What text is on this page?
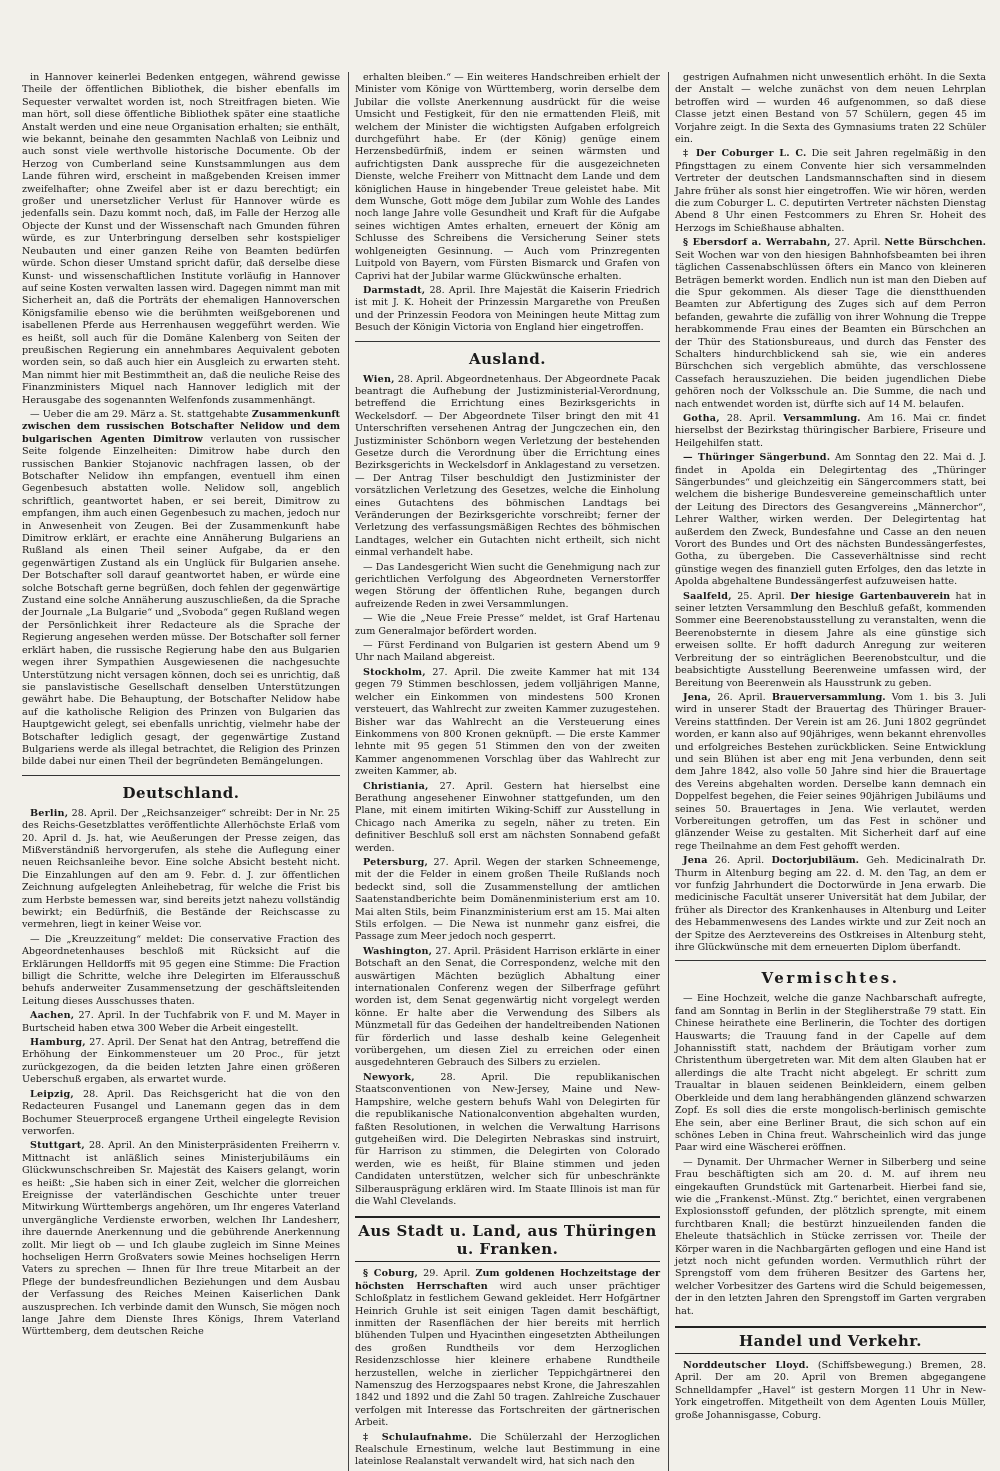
in Hannover keinerlei Bedenken entgegen, während gewisse Theile der öffentlichen Bibliothek, die bisher ebenfalls im Sequester verwaltet worden ist, noch Streitfragen bieten. Wie man hört, soll diese öffentliche Bibliothek später eine staatliche Anstalt werden und eine neue Organisation erhalten; sie enthält, wie bekannt, beinahe den gesammten Nachlaß von Leibniz und auch sonst viele werthvolle historische Documente. Ob der Herzog von Cumberland seine Kunstsammlungen aus dem Lande führen wird, erscheint in maßgebenden Kreisen immer zweifelhafter; ohne Zweifel aber ist er dazu berechtigt; ein großer und unersetzlicher Verlust für Hannover würde es jedenfalls sein. Dazu kommt noch, daß, im Falle der Herzog alle Objecte der Kunst und der Wissenschaft nach Gmunden führen würde, es zur Unterbringung derselben sehr kostspieliger Neubauten und einer ganzen Reihe von Beamten bedürfen würde. Schon dieser Umstand spricht dafür, daß derselbe diese Kunst- und wissenschaftlichen Institute vorläufig in Hannover auf seine Kosten verwalten lassen wird. Dagegen nimmt man mit Sicherheit an, daß die Porträts der ehemaligen Hannoverschen Königsfamilie ebenso wie die berühmten weißgeborenen und isabellenen Pferde aus Herrenhausen weggeführt werden. Wie es heißt, soll auch für die Domäne Kalenberg von Seiten der preußischen Regierung ein annehmbares Aequivalent geboten worden sein, so daß auch hier ein Ausgleich zu erwarten steht. Man nimmt hier mit Bestimmtheit an, daß die neuliche Reise des Finanzministers Miquel nach Hannover lediglich mit der Herausgabe des sogenannten Welfenfonds zusammenhängt.

— Ueber die am 29. März a. St. stattgehabte Zusammenkunft zwischen dem russischen Botschafter Nelidow und dem bulgarischen Agenten Dimitrow verlauten von russischer Seite folgende Einzelheiten: Dimitrow habe durch den russischen Bankier Stojanovic nachfragen lassen, ob der Botschafter Nelidow ihn empfangen, eventuell ihm einen Gegenbesuch abstatten wolle. Nelidow soll, angeblich schriftlich, geantwortet haben, er sei bereit, Dimitrow zu empfangen, ihm auch einen Gegenbesuch zu machen, jedoch nur in Anwesenheit von Zeugen. Bei der Zusammenkunft habe Dimitrow erklärt, er erachte eine Annäherung Bulgariens an Rußland als einen Theil seiner Aufgabe, da er den gegenwärtigen Zustand als ein Unglück für Bulgarien ansehe. Der Botschafter soll darauf geantwortet haben, er würde eine solche Botschaft gerne begrüßen, doch fehlen der gegenwärtige Zustand eine solche Annäherung auszuschließen, da die Sprache der Journale „La Bulgarie“ und „Svoboda“ gegen Rußland wegen der Persönlichkeit ihrer Redacteure als die Sprache der Regierung angesehen werden müsse. Der Botschafter soll ferner erklärt haben, die russische Regierung habe den aus Bulgarien wegen ihrer Sympathien Ausgewiesenen die nachgesuchte Unterstützung nicht versagen können, doch sei es unrichtig, daß sie panslavistische Gesellschaft denselben Unterstützungen gewährt habe. Die Behauptung, der Botschafter Nelidow habe auf die katholische Religion des Prinzen von Bulgarien das Hauptgewicht gelegt, sei ebenfalls unrichtig, vielmehr habe der Botschafter lediglich gesagt, der gegenwärtige Zustand Bulgariens werde als illegal betrachtet, die Religion des Prinzen bilde dabei nur einen Theil der begründeten Bemängelungen.

Deutschland.

Berlin, 28. April. Der „Reichsanzeiger“ schreibt: Der in Nr. 25 des Reichs-Gesetzblattes veröffentlichte Allerhöchste Erlaß vom 20. April d. Js. hat, wie Aeußerungen der Presse zeigen, das Mißverständniß hervorgerufen, als stehe die Auflegung einer neuen Reichsanleihe bevor. Eine solche Absicht besteht nicht. Die Einzahlungen auf den am 9. Febr. d. J. zur öffentlichen Zeichnung aufgelegten Anleihebetrag, für welche die Frist bis zum Herbste bemessen war, sind bereits jetzt nahezu vollständig bewirkt; ein Bedürfniß, die Bestände der Reichscasse zu vermehren, liegt in keiner Weise vor.

— Die „Kreuzzeitung“ meldet: Die conservative Fraction des Abgeordnetenhauses beschloß mit Rücksicht auf die Erklärungen Helldorffs mit 95 gegen eine Stimme: Die Fraction billigt die Schritte, welche ihre Delegirten im Elferausschuß behufs anderweiter Zusammensetzung der geschäftsleitenden Leitung dieses Ausschusses thaten.

Aachen, 27. April. In der Tuchfabrik von F. und M. Mayer in Burtscheid haben etwa 300 Weber die Arbeit eingestellt.

Hamburg, 27. April. Der Senat hat den Antrag, betreffend die Erhöhung der Einkommensteuer um 20 Proc., für jetzt zurückgezogen, da die beiden letzten Jahre einen größeren Ueberschuß ergaben, als erwartet wurde.

Leipzig, 28. April. Das Reichsgericht hat die von den Redacteuren Fusangel und Lanemann gegen das in dem Bochumer Steuerproceß ergangene Urtheil eingelegte Revision verworfen.

Stuttgart, 28. April. An den Ministerpräsidenten Freiherrn v. Mittnacht ist anläßlich seines Ministerjubiläums ein Glückwunschschreiben Sr. Majestät des Kaisers gelangt, worin es heißt: „Sie haben sich in einer Zeit, welcher die glorreichen Ereignisse der vaterländischen Geschichte unter treuer Mitwirkung Württembergs angehören, um Ihr engeres Vaterland unvergängliche Verdienste erworben, welchen Ihr Landesherr, ihre dauernde Anerkennung und die gebührende Anerkennung zollt. Mir liegt ob — und Ich glaube zugleich im Sinne Meines hochseligen Herrn Großvaters sowie Meines hochseligen Herrn Vaters zu sprechen — Ihnen für Ihre treue Mitarbeit an der Pflege der bundesfreundlichen Beziehungen und dem Ausbau der Verfassung des Reiches Meinen Kaiserlichen Dank auszusprechen. Ich verbinde damit den Wunsch, Sie mögen noch lange Jahre dem Dienste Ihres Königs, Ihrem Vaterland Württemberg, dem deutschen Reiche

erhalten bleiben.“ — Ein weiteres Handschreiben erhielt der Minister vom Könige von Württemberg, worin derselbe dem Jubilar die vollste Anerkennung ausdrückt für die weise Umsicht und Festigkeit, für den nie ermattenden Fleiß, mit welchem der Minister die wichtigsten Aufgaben erfolgreich durchgeführt habe. Er (der König) genüge einem Herzensbedürfniß, indem er seinen wärmsten und aufrichtigsten Dank ausspreche für die ausgezeichneten Dienste, welche Freiherr von Mittnacht dem Lande und dem königlichen Hause in hingebender Treue geleistet habe. Mit dem Wunsche, Gott möge dem Jubilar zum Wohle des Landes noch lange Jahre volle Gesundheit und Kraft für die Aufgabe seines wichtigen Amtes erhalten, erneuert der König am Schlusse des Schreibens die Versicherung Seiner stets wohlgeneigten Gesinnung. — Auch vom Prinzregenten Luitpold von Bayern, vom Fürsten Bismarck und Grafen von Caprivi hat der Jubilar warme Glückwünsche erhalten.

Darmstadt, 28. April. Ihre Majestät die Kaiserin Friedrich ist mit J. K. Hoheit der Prinzessin Margarethe von Preußen und der Prinzessin Feodora von Meiningen heute Mittag zum Besuch der Königin Victoria von England hier eingetroffen.

Ausland.

Wien, 28. April. Abgeordnetenhaus. Der Abgeordnete Pacak beantragt die Aufhebung der Justizministerial-Verordnung, betreffend die Errichtung eines Bezirksgerichts in Weckelsdorf. — Der Abgeordnete Tilser bringt den mit 41 Unterschriften versehenen Antrag der Jungczechen ein, den Justizminister Schönborn wegen Verletzung der bestehenden Gesetze durch die Verordnung über die Errichtung eines Bezirksgerichts in Weckelsdorf in Anklagestand zu versetzen. — Der Antrag Tilser beschuldigt den Justizminister der vorsätzlichen Verletzung des Gesetzes, welche die Einholung eines Gutachtens des böhmischen Landtags bei Veränderungen der Bezirksgerichte vorschreibt; ferner der Verletzung des verfassungsmäßigen Rechtes des böhmischen Landtages, welcher ein Gutachten nicht ertheilt, sich nicht einmal verhandelt habe.

— Das Landesgericht Wien sucht die Genehmigung nach zur gerichtlichen Verfolgung des Abgeordneten Vernerstorffer wegen Störung der öffentlichen Ruhe, begangen durch aufreizende Reden in zwei Versammlungen.

— Wie die „Neue Freie Presse“ meldet, ist Graf Hartenau zum Generalmajor befördert worden.

— Fürst Ferdinand von Bulgarien ist gestern Abend um 9 Uhr nach Mailand abgereist.

Stockholm, 27. April. Die zweite Kammer hat mit 134 gegen 79 Stimmen beschlossen, jedem volljährigen Manne, welcher ein Einkommen von mindestens 500 Kronen versteuert, das Wahlrecht zur zweiten Kammer zuzugestehen. Bisher war das Wahlrecht an die Versteuerung eines Einkommens von 800 Kronen geknüpft. — Die erste Kammer lehnte mit 95 gegen 51 Stimmen den von der zweiten Kammer angenommenen Vorschlag über das Wahlrecht zur zweiten Kammer, ab.

Christiania, 27. April. Gestern hat hierselbst eine Berathung angesehener Einwohner stattgefunden, um den Plane, mit einem imitirten Wiking-Schiff zur Ausstellung in Chicago nach Amerika zu segeln, näher zu treten. Ein definitiver Beschluß soll erst am nächsten Sonnabend gefaßt werden.

Petersburg, 27. April. Wegen der starken Schneemenge, mit der die Felder in einem großen Theile Rußlands noch bedeckt sind, soll die Zusammenstellung der amtlichen Saatenstandberichte beim Domänenministerium erst am 10. Mai alten Stils, beim Finanzministerium erst am 15. Mai alten Stils erfolgen. — Die Newa ist nunmehr ganz eisfrei, die Passage zum Meer jedoch noch gesperrt.

Washington, 27. April. Präsident Harrison erklärte in einer Botschaft an den Senat, die Correspondenz, welche mit den auswärtigen Mächten bezüglich Abhaltung einer internationalen Conferenz wegen der Silberfrage geführt worden ist, dem Senat gegenwärtig nicht vorgelegt werden könne. Er halte aber die Verwendung des Silbers als Münzmetall für das Gedeihen der handeltreibenden Nationen für förderlich und lasse deshalb keine Gelegenheit vorübergehen, um diesen Ziel zu erreichen oder einen ausgedehnteren Gebrauch des Silbers zu erzielen.

Newyork, 28. April. Die republikanischen Staatsconventionen von New-Jersey, Maine und New-Hampshire, welche gestern behufs Wahl von Delegirten für die republikanische Nationalconvention abgehalten wurden, faßten Resolutionen, in welchen die Verwaltung Harrisons gutgeheißen wird. Die Delegirten Nebraskas sind instruirt, für Harrison zu stimmen, die Delegirten von Colorado werden, wie es heißt, für Blaine stimmen und jeden Candidaten unterstützen, welcher sich für unbeschränkte Silberausprägung erklären wird. Im Staate Illinois ist man für die Wahl Clevelands.

Aus Stadt u. Land, aus Thüringen u. Franken.

§ Coburg, 29. April. Zum goldenen Hochzeitstage der höchsten Herrschaften wird auch unser prächtiger Schloßplatz in festlichem Gewand gekleidet. Herr Hofgärtner Heinrich Gruhle ist seit einigen Tagen damit beschäftigt, inmitten der Rasenflächen der hier bereits mit herrlich blühenden Tulpen und Hyacinthen eingesetzten Abtheilungen des großen Rundtheils vor dem Herzoglichen Residenzschlosse hier kleinere erhabene Rundtheile herzustellen, welche in zierlicher Teppichgärtnerei den Namenszug des Herzogspaares nebst Krone, die Jahreszahlen 1842 und 1892 und die Zahl 50 tragen. Zahlreiche Zuschauer verfolgen mit Interesse das Fortschreiten der gärtnerischen Arbeit.

‡ Schulaufnahme. Die Schülerzahl der Herzoglichen Realschule Ernestinum, welche laut Bestimmung in eine lateinlose Realanstalt verwandelt wird, hat sich nach den

gestrigen Aufnahmen nicht unwesentlich erhöht. In die Sexta der Anstalt — welche zunächst von dem neuen Lehrplan betroffen wird — wurden 46 aufgenommen, so daß diese Classe jetzt einen Bestand von 57 Schülern, gegen 45 im Vorjahre zeigt. In die Sexta des Gymnasiums traten 22 Schüler ein.

‡ Der Coburger L. C. Die seit Jahren regelmäßig in den Pfingsttagen zu einem Convente hier sich versammelnden Vertreter der deutschen Landsmannschaften sind in diesem Jahre früher als sonst hier eingetroffen. Wie wir hören, werden die zum Coburger L. C. deputirten Vertreter nächsten Dienstag Abend 8 Uhr einen Festcommers zu Ehren Sr. Hoheit des Herzogs im Schießhause abhalten.

§ Ebersdorf a. Werrabahn, 27. April. Nette Bürschchen. Seit Wochen war von den hiesigen Bahnhofsbeamten bei ihren täglichen Cassenabschlüssen öfters ein Manco von kleineren Beträgen bemerkt worden. Endlich nun ist man den Dieben auf die Spur gekommen. Als dieser Tage die dienstthuenden Beamten zur Abfertigung des Zuges sich auf dem Perron befanden, gewahrte die zufällig von ihrer Wohnung die Treppe herabkommende Frau eines der Beamten ein Bürschchen an der Thür des Stationsbureaus, und durch das Fenster des Schalters hindurchblickend sah sie, wie ein anderes Bürschchen sich vergeblich abmühte, das verschlossene Cassefach herauszuziehen. Die beiden jugendlichen Diebe gehören noch der Volksschule an. Die Summe, die nach und nach entwendet worden ist, dürfte sich auf 14 M. belaufen.

Gotha, 28. April. Versammlung. Am 16. Mai cr. findet hierselbst der Bezirkstag thüringischer Barbiere, Friseure und Heilgehilfen statt.

— Thüringer Sängerbund. Am Sonntag den 22. Mai d. J. findet in Apolda ein Delegirtentag des „Thüringer Sängerbundes“ und gleichzeitig ein Sängercommers statt, bei welchem die bisherige Bundesvereine gemeinschaftlich unter der Leitung des Directors des Gesangvereins „Männerchor“, Lehrer Walther, wirken werden. Der Delegirtentag hat außerdem den Zweck, Bundesfahne und Casse an den neuen Vorort des Bundes und Ort des nächsten Bundessängerfestes, Gotha, zu übergeben. Die Casseverhältnisse sind recht günstige wegen des finanziell guten Erfolges, den das letzte in Apolda abgehaltene Bundessängerfest aufzuweisen hatte.

Saalfeld, 25. April. Der hiesige Gartenbauverein hat in seiner letzten Versammlung den Beschluß gefaßt, kommenden Sommer eine Beerenobstausstellung zu veranstalten, wenn die Beerenobsternte in diesem Jahre als eine günstige sich erweisen sollte. Er hofft dadurch Anregung zur weiteren Verbreitung der so einträglichen Beerenobstcultur, und die beabsichtigte Ausstellung Beerenweine umfassen wird, der Bereitung von Beerenwein als Hausstrunk zu geben.

Jena, 26. April. Brauerversammlung. Vom 1. bis 3. Juli wird in unserer Stadt der Brauertag des Thüringer Brauer-Vereins stattfinden. Der Verein ist am 26. Juni 1802 gegründet worden, er kann also auf 90jähriges, wenn bekannt ehrenvolles und erfolgreiches Bestehen zurückblicken. Seine Entwicklung und sein Blühen ist aber eng mit Jena verbunden, denn seit dem Jahre 1842, also volle 50 Jahre sind hier die Brauertage des Vereins abgehalten worden. Derselbe kann demnach ein Doppelfest begehen, die Feier seines 90jährigen Jubiläums und seines 50. Brauertages in Jena. Wie verlautet, werden Vorbereitungen getroffen, um das Fest in schöner und glänzender Weise zu gestalten. Mit Sicherheit darf auf eine rege Theilnahme an dem Fest gehofft werden.

Jena 26. April. Doctorjubiläum. Geh. Medicinalrath Dr. Thurm in Altenburg beging am 22. d. M. den Tag, an dem er vor funfzig Jahrhundert die Doctorwürde in Jena erwarb. Die medicinische Facultät unserer Universität hat dem Jubilar, der früher als Director des Krankenhauses in Altenburg und Leiter des Hebammenwesens des Landes wirkte und zur Zeit noch an der Spitze des Aerztevereins des Ostkreises in Altenburg steht, ihre Glückwünsche mit dem erneuerten Diplom überfandt.

Vermischtes.

— Eine Hochzeit, welche die ganze Nachbarschaft aufregte, fand am Sonntag in Berlin in der Stegliherstraße 79 statt. Ein Chinese heirathete eine Berlinerin, die Tochter des dortigen Hauswarts; die Trauung fand in der Capelle auf dem Johannisstift statt, nachdem der Bräutigam vorher zum Christenthum übergetreten war. Mit dem alten Glauben hat er allerdings die alte Tracht nicht abgelegt. Er schritt zum Traualtar in blauen seidenen Beinkleidern, einem gelben Oberkleide und dem lang herabhängenden glänzend schwarzen Zopf. Es soll dies die erste mongolisch-berlinisch gemischte Ehe sein, aber eine Berliner Braut, die sich schon auf ein schönes Leben in China freut. Wahrscheinlich wird das junge Paar wird eine Wäscherei eröffnen.

— Dynamit. Der Uhrmacher Werner in Silberberg und seine Frau beschäftigten sich am 20. d. M. auf ihrem neu eingekauften Grundstück mit Gartenarbeit. Hierbei fand sie, wie die „Frankenst.-Münst. Ztg.“ berichtet, einen vergrabenen Explosionsstoff gefunden, der plötzlich sprengte, mit einem furchtbaren Knall; die bestürzt hinzueilenden fanden die Eheleute thatsächlich in Stücke zerrissen vor. Theile der Körper waren in die Nachbargärten geflogen und eine Hand ist jetzt noch nicht gefunden worden. Vermuthlich rührt der Sprengstoff vom dem früheren Besitzer des Gartens her, welcher Vorbesitzer des Gartens wird die Schuld beigemessen, der in den letzten Jahren den Sprengstoff im Garten vergraben hat.

Handel und Verkehr.

Norddeutscher Lloyd. (Schiffsbewegung.) Bremen, 28. April. Der am 20. April von Bremen abgegangene Schnelldampfer „Havel“ ist gestern Morgen 11 Uhr in New-York eingetroffen. Mitgetheilt von dem Agenten Louis Müller, große Johannisgasse, Coburg.
